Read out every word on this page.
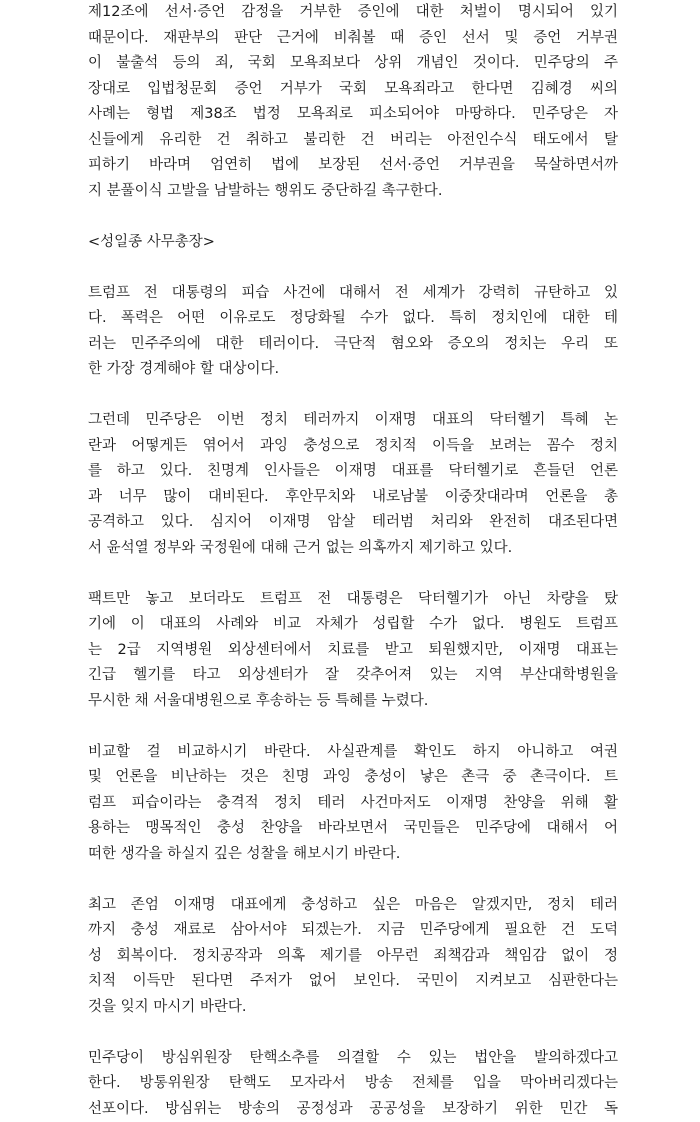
제12조에 선서·증언 감정을 거부한 증인에 대한 처벌이 명시되어 있기
때문이다. 재판부의 판단 근거에 비춰볼 때 증인 선서 및 증언 거부권
이 불출석 등의 죄, 국회 모욕죄보다 상위 개념인 것이다. 민주당의 주
장대로 입법청문회 증언 거부가 국회 모욕죄라고 한다면 김혜경 씨의
사례는 형법 제38조 법정 모욕죄로 피소되어야 마땅하다. 민주당은 자
신들에게 유리한 건 취하고 불리한 건 버리는 아전인수식 태도에서 탈
피하기 바라며 엄연히 법에 보장된 선서·증언 거부권을 묵살하면서까
지 분풀이식 고발을 남발하는 행위도 중단하길 촉구한다.
<성일종 사무총장>
트럼프 전 대통령의 피습 사건에 대해서 전 세계가 강력히 규탄하고 있
다. 폭력은 어떤 이유로도 정당화될 수가 없다. 특히 정치인에 대한 테
러는 민주주의에 대한 테러이다. 극단적 혐오와 증오의 정치는 우리 또
한 가장 경계해야 할 대상이다.
그런데 민주당은 이번 정치 테러까지 이재명 대표의 닥터헬기 특혜 논
란과 어떻게든 엮어서 과잉 충성으로 정치적 이득을 보려는 꼼수 정치
를 하고 있다. 친명계 인사들은 이재명 대표를 닥터헬기로 흔들던 언론
과 너무 많이 대비된다. 후안무치와 내로남불 이중잣대라며 언론을 총
공격하고 있다. 심지어 이재명 암살 테러범 처리와 완전히 대조된다면
서 윤석열 정부와 국정원에 대해 근거 없는 의혹까지 제기하고 있다.
팩트만 놓고 보더라도 트럼프 전 대통령은 닥터헬기가 아닌 차량을 탔
기에 이 대표의 사례와 비교 자체가 성립할 수가 없다. 병원도 트럼프
는 2급 지역병원 외상센터에서 치료를 받고 퇴원했지만, 이재명 대표는
긴급 헬기를 타고 외상센터가 잘 갖추어져 있는 지역 부산대학병원을
무시한 채 서울대병원으로 후송하는 등 특혜를 누렸다.
비교할 걸 비교하시기 바란다. 사실관계를 확인도 하지 아니하고 여권
및 언론을 비난하는 것은 친명 과잉 충성이 낳은 촌극 중 촌극이다. 트
럼프 피습이라는 충격적 정치 테러 사건마저도 이재명 찬양을 위해 활
용하는 맹목적인 충성 찬양을 바라보면서 국민들은 민주당에 대해서 어
떠한 생각을 하실지 깊은 성찰을 해보시기 바란다.
최고 존엄 이재명 대표에게 충성하고 싶은 마음은 알겠지만, 정치 테러
까지 충성 재료로 삼아서야 되겠는가. 지금 민주당에게 필요한 건 도덕
성 회복이다. 정치공작과 의혹 제기를 아무런 죄책감과 책임감 없이 정
치적 이득만 된다면 주저가 없어 보인다. 국민이 지켜보고 심판한다는
것을 잊지 마시기 바란다.
민주당이 방심위원장 탄핵소추를 의결할 수 있는 법안을 발의하겠다고
한다. 방통위원장 탄핵도 모자라서 방송 전체를 입을 막아버리겠다는
선포이다. 방심위는 방송의 공정성과 공공성을 보장하기 위한 민간 독
